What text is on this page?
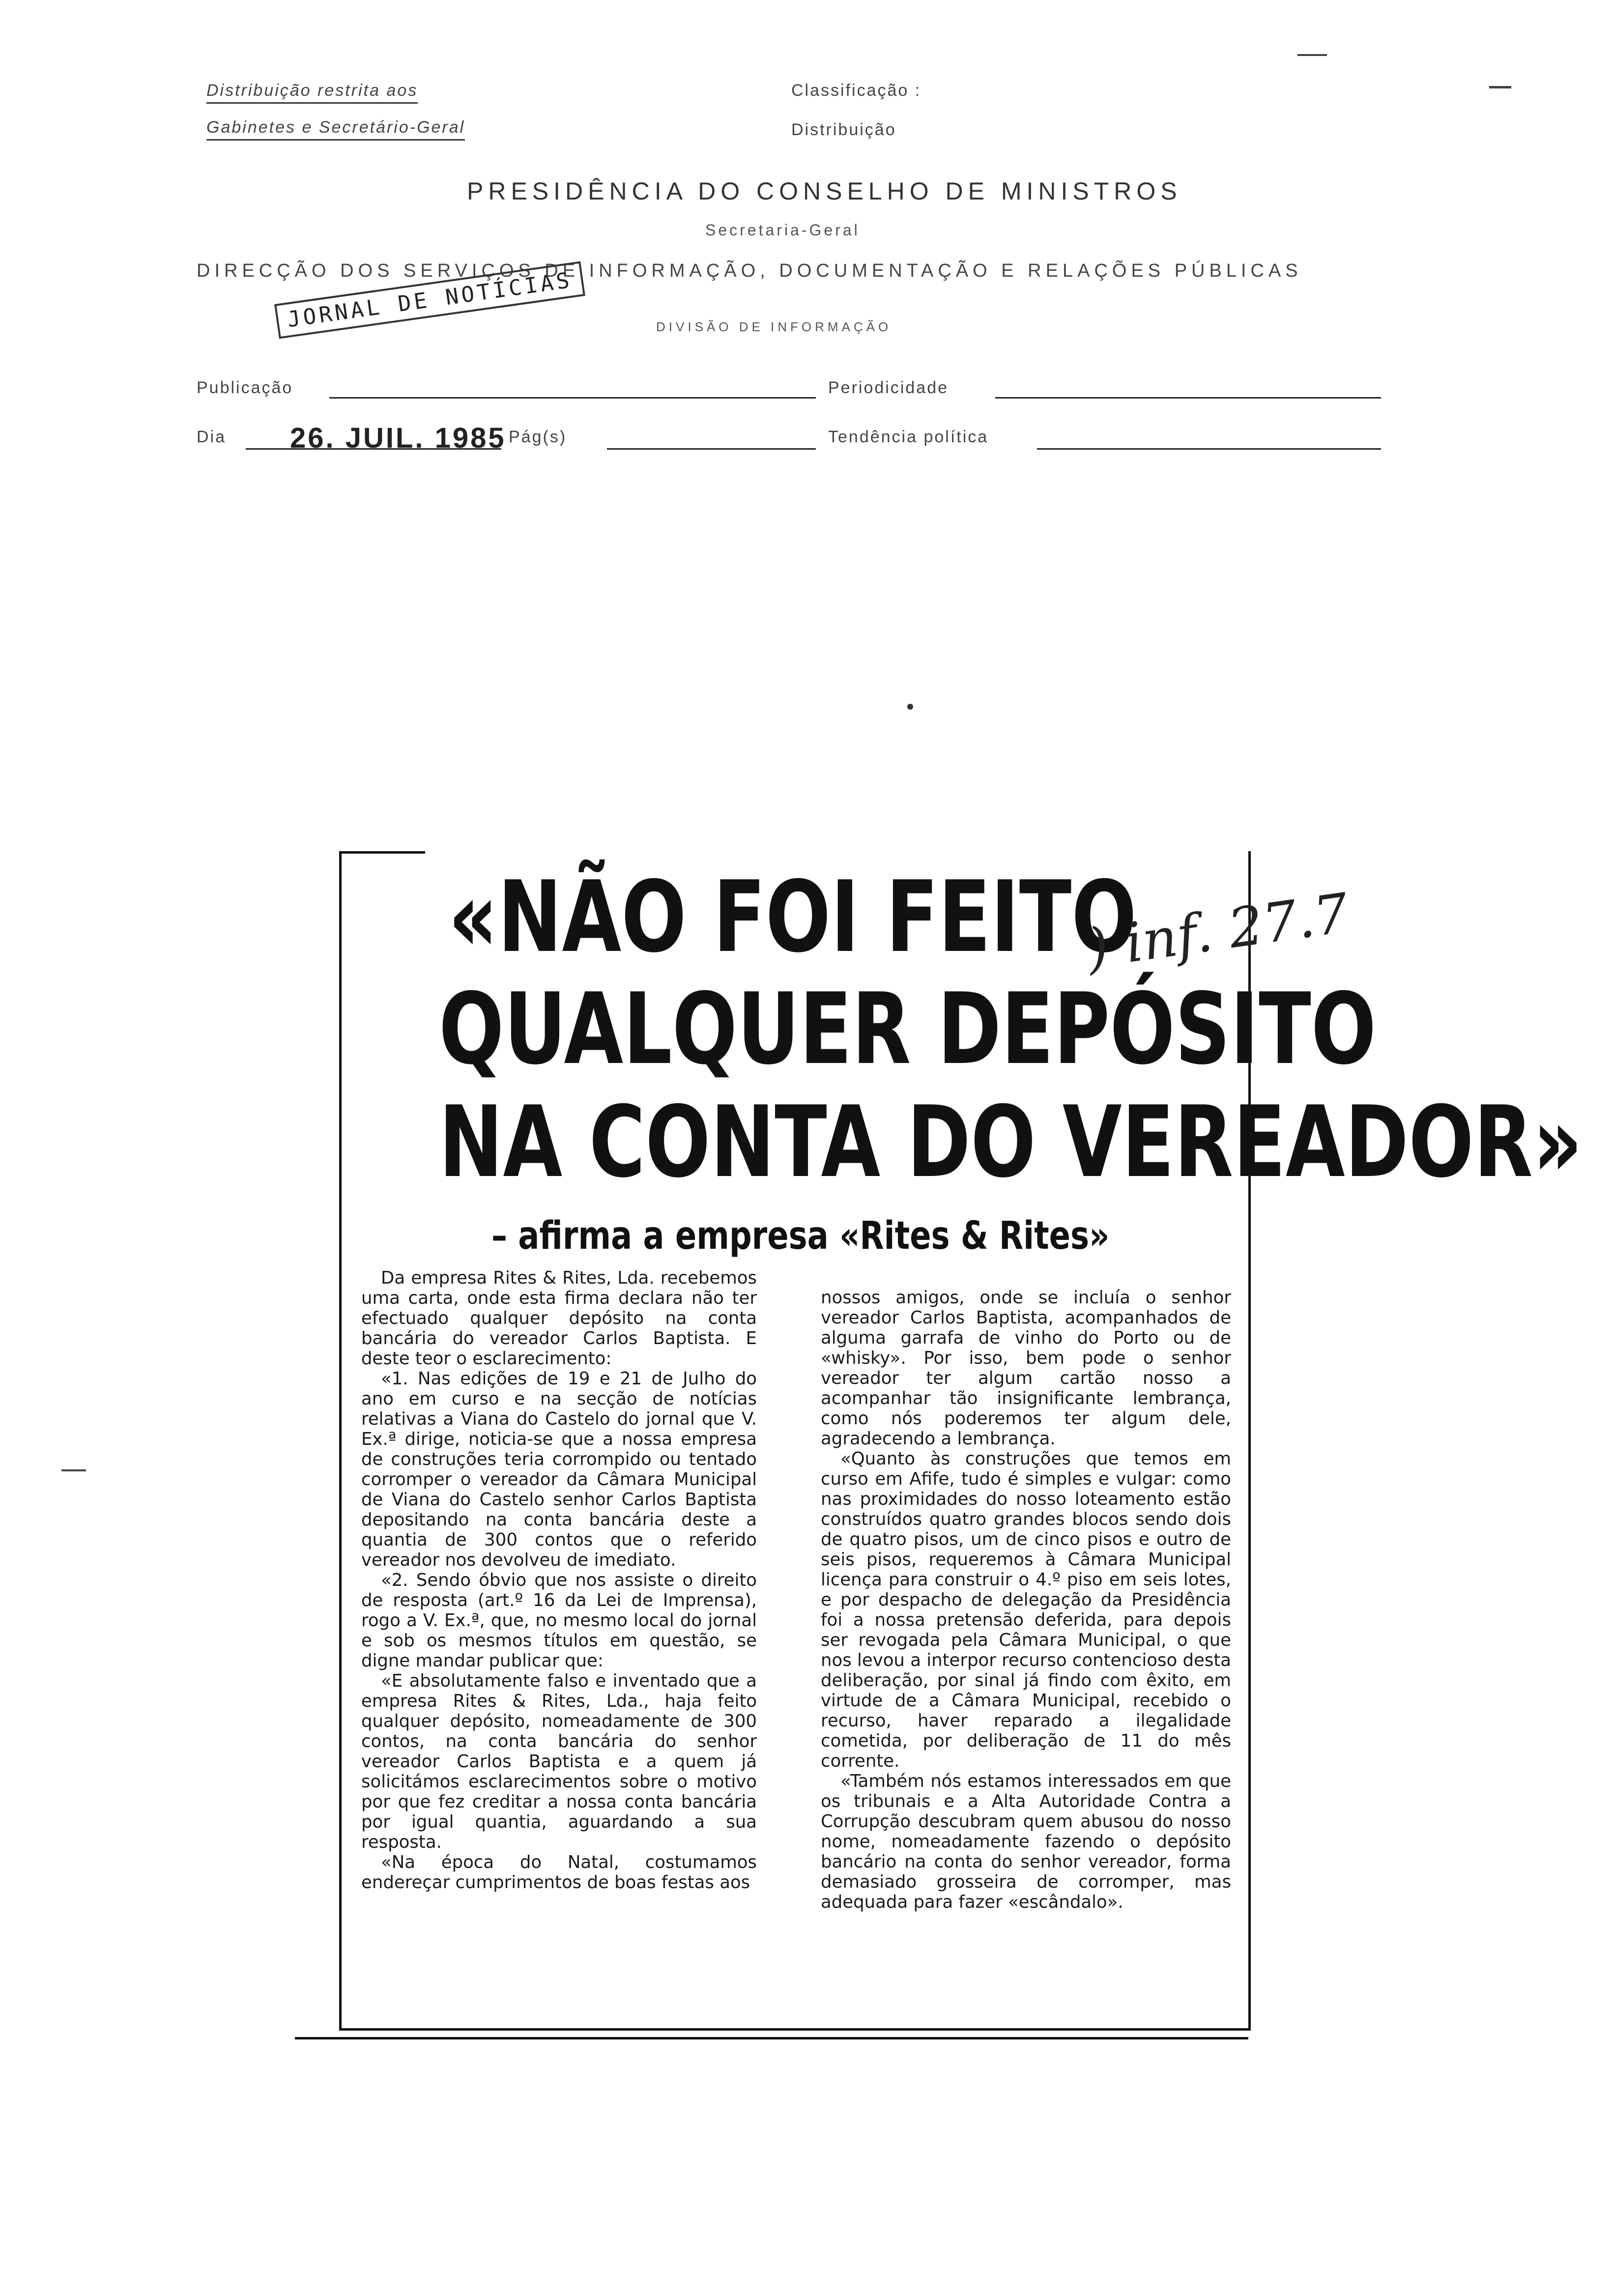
Distribuição restrita aos
Gabinetes e Secretário-Geral
Classificação :
Distribuição
PRESIDÊNCIA DO CONSELHO DE MINISTROS
Secretaria-Geral
DIRECÇÃO DOS SERVIÇOS DE INFORMAÇÃO, DOCUMENTAÇÃO E RELAÇÕES PÚBLICAS
DIVISÃO DE INFORMAÇÃO
JORNAL DE NOTÍCIAS
Publicação	Periodicidade
Dia 26. JUIL. 1985 Pág(s)	Tendência política
«NÃO FOI FEITO
QUALQUER DEPÓSITO
NA CONTA DO VEREADOR»
) inf. 27.7
– afirma a empresa «Rites & Rites»

Da empresa Rites & Rites, Lda. recebemos uma carta, onde esta firma declara não ter efectuado qualquer depósito na conta bancária do vereador Carlos Baptista. E deste teor o esclarecimento:

«1. Nas edições de 19 e 21 de Julho do ano em curso e na secção de notícias relativas a Viana do Castelo do jornal que V. Ex.ª dirige, noticia-se que a nossa empresa de construções teria corrompido ou tentado corromper o vereador da Câmara Municipal de Viana do Castelo senhor Carlos Baptista depositando na conta bancária deste a quantia de 300 contos que o referido vereador nos devolveu de imediato.

«2. Sendo óbvio que nos assiste o direito de resposta (art.º 16 da Lei de Imprensa), rogo a V. Ex.ª, que, no mesmo local do jornal e sob os mesmos títulos em questão, se digne mandar publicar que:

«E absolutamente falso e inventado que a empresa Rites & Rites, Lda., haja feito qualquer depósito, nomeadamente de 300 contos, na conta bancária do senhor vereador Carlos Baptista e a quem já solicitámos esclarecimentos sobre o motivo por que fez creditar a nossa conta bancária por igual quantia, aguardando a sua resposta.

«Na época do Natal, costumamos endereçar cumprimentos de boas festas aos

nossos amigos, onde se incluía o senhor vereador Carlos Baptista, acompanhados de alguma garrafa de vinho do Porto ou de «whisky». Por isso, bem pode o senhor vereador ter algum cartão nosso a acompanhar tão insignificante lembrança, como nós poderemos ter algum dele, agradecendo a lembrança.

«Quanto às construções que temos em curso em Afife, tudo é simples e vulgar: como nas proximidades do nosso loteamento estão construídos quatro grandes blocos sendo dois de quatro pisos, um de cinco pisos e outro de seis pisos, requeremos à Câmara Municipal licença para construir o 4.º piso em seis lotes, e por despacho de delegação da Presidência foi a nossa pretensão deferida, para depois ser revogada pela Câmara Municipal, o que nos levou a interpor recurso contencioso desta deliberação, por sinal já findo com êxito, em virtude de a Câmara Municipal, recebido o recurso, haver reparado a ilegalidade cometida, por deliberação de 11 do mês corrente.

«Também nós estamos interessados em que os tribunais e a Alta Autoridade Contra a Corrupção descubram quem abusou do nosso nome, nomeadamente fazendo o depósito bancário na conta do senhor vereador, forma demasiado grosseira de corromper, mas adequada para fazer «escândalo».
